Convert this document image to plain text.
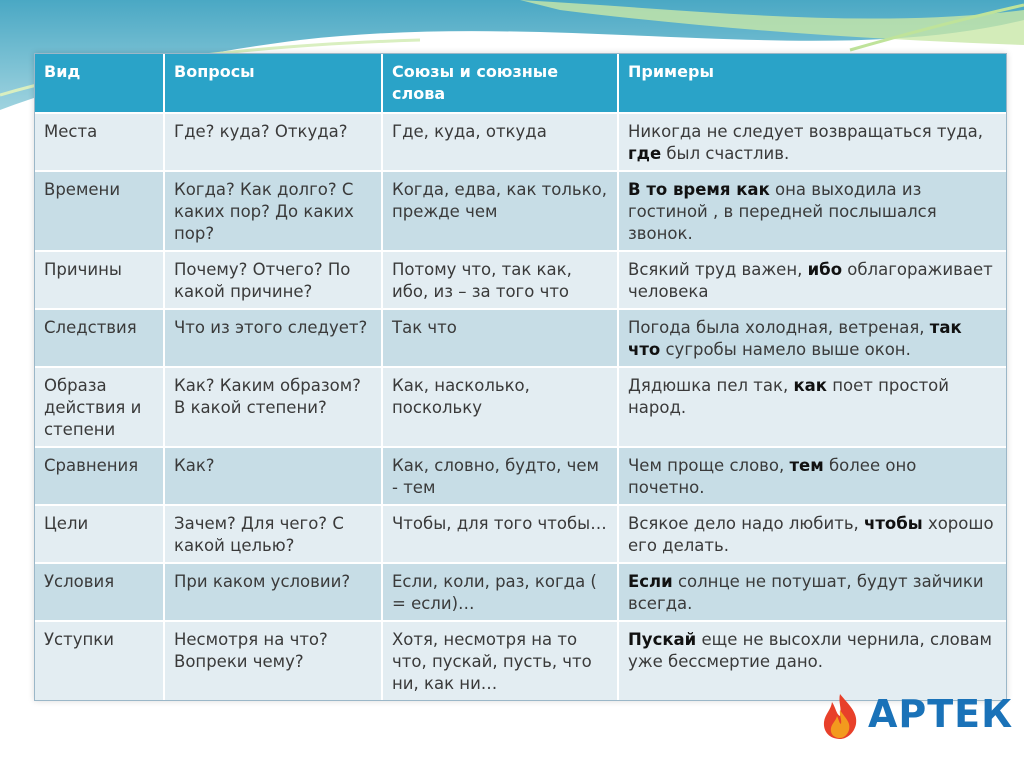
Вид	Вопросы	Союзы и союзные слова	Примеры
Места	Где? куда? Откуда?	Где, куда, откуда	Никогда не следует возвращаться туда, где был счастлив.
Времени	Когда? Как долго? С каких пор? До каких пор?	Когда, едва, как только, прежде чем	В то время как она выходила из гостиной , в передней послышался звонок.
Причины	Почему? Отчего? По какой причине?	Потому что, так как, ибо, из – за того что	Всякий труд важен, ибо облагораживает человека
Следствия	Что из этого следует?	Так что	Погода была холодная, ветреная, так что сугробы намело выше окон.
Образа действия и степени	Как? Каким образом? В какой степени?	Как, насколько, поскольку	Дядюшка пел так, как поет простой народ.
Сравнения	Как?	Как, словно, будто, чем - тем	Чем проще слово, тем более оно почетно.
Цели	Зачем? Для чего? С какой целью?	Чтобы, для того чтобы…	Всякое дело надо любить, чтобы хорошо его делать.
Условия	При каком условии?	Если, коли, раз, когда ( = если)…	Если солнце не потушат, будут зайчики всегда.
Уступки	Несмотря на что? Вопреки чему?	Хотя, несмотря на то что, пускай, пусть, что ни, как ни…	Пускай еще не высохли чернила, словам уже бессмертие дано.
АРТЕК
